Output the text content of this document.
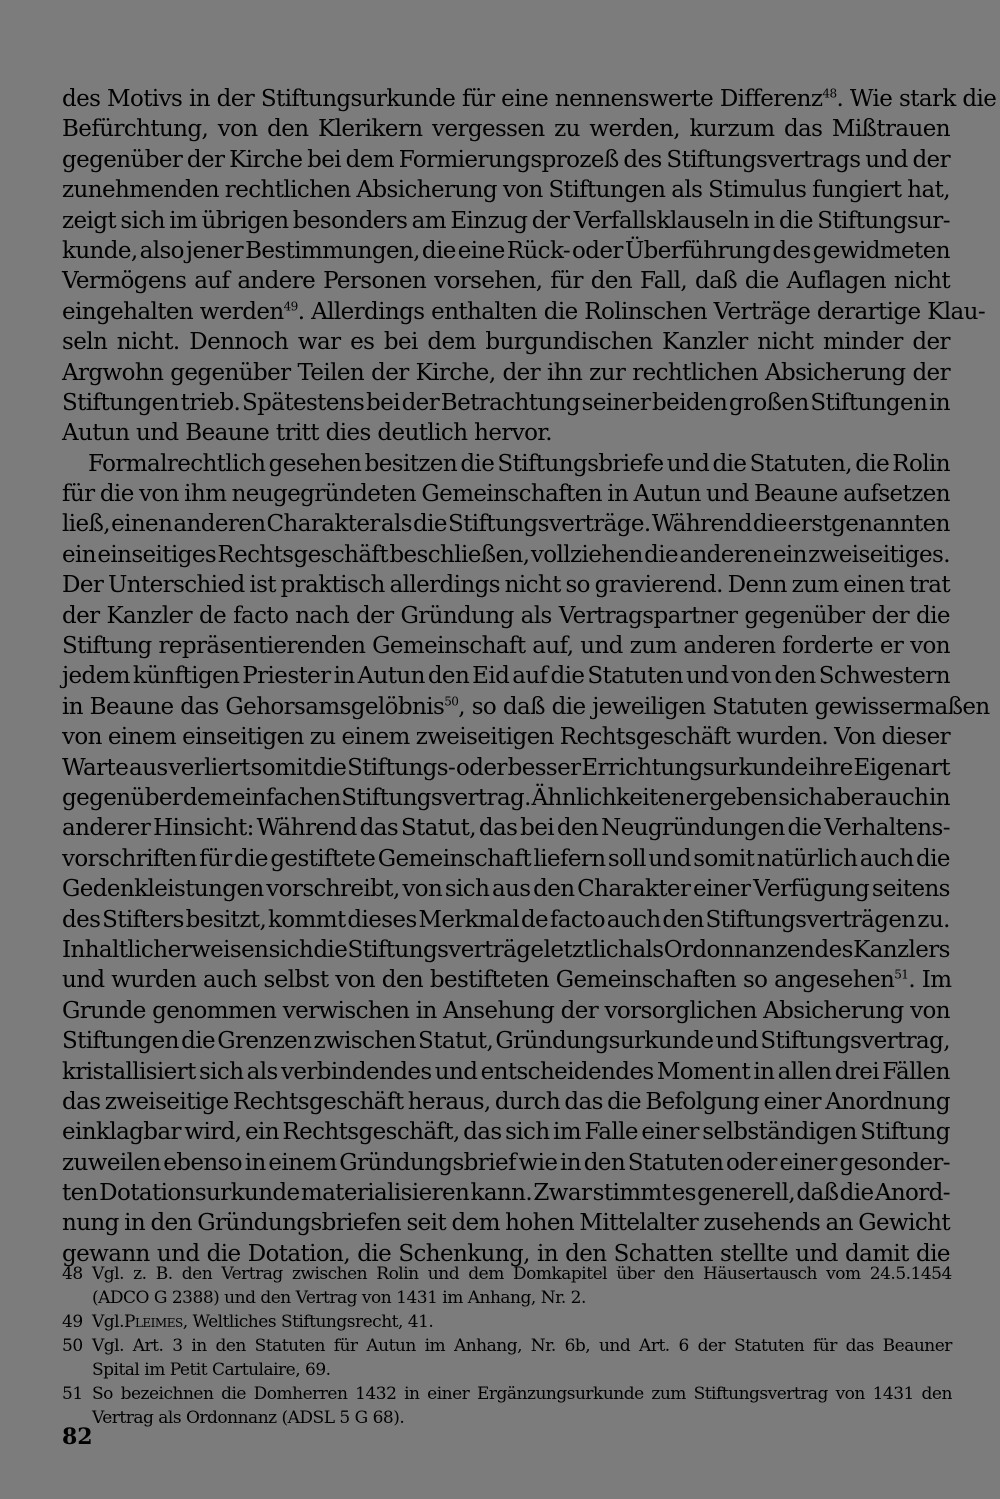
des Motivs in der Stiftungsurkunde für eine nennenswerte Differenz$^{48}$. Wie stark die
Befürchtung, von den Klerikern vergessen zu werden, kurzum das Mißtrauen
gegenüber der Kirche bei dem Formierungsprozeß des Stiftungsvertrags und der
zunehmenden rechtlichen Absicherung von Stiftungen als Stimulus fungiert hat,
zeigt sich im übrigen besonders am Einzug der Verfallsklauseln in die Stiftungsur-
kunde, also jener Bestimmungen, die eine Rück- oder Überführung des gewidmeten
Vermögens auf andere Personen vorsehen, für den Fall, daß die Auflagen nicht
eingehalten werden$^{49}$. Allerdings enthalten die Rolinschen Verträge derartige Klau-
seln nicht. Dennoch war es bei dem burgundischen Kanzler nicht minder der
Argwohn gegenüber Teilen der Kirche, der ihn zur rechtlichen Absicherung der
Stiftungen trieb. Spätestens bei der Betrachtung seiner beiden großen Stiftungen in
Autun und Beaune tritt dies deutlich hervor.
Formalrechtlich gesehen besitzen die Stiftungsbriefe und die Statuten, die Rolin
für die von ihm neugegründeten Gemeinschaften in Autun und Beaune aufsetzen
ließ, einen anderen Charakter als die Stiftungsverträge. Während die erstgenannten
ein einseitiges Rechtsgeschäft beschließen, vollziehen die anderen ein zweiseitiges.
Der Unterschied ist praktisch allerdings nicht so gravierend. Denn zum einen trat
der Kanzler de facto nach der Gründung als Vertragspartner gegenüber der die
Stiftung repräsentierenden Gemeinschaft auf, und zum anderen forderte er von
jedem künftigen Priester in Autun den Eid auf die Statuten und von den Schwestern
in Beaune das Gehorsamsgelöbnis$^{50}$, so daß die jeweiligen Statuten gewissermaßen
von einem einseitigen zu einem zweiseitigen Rechtsgeschäft wurden. Von dieser
Warte aus verliert somit die Stiftungs- oder besser Errichtungsurkunde ihre Eigenart
gegenüber dem einfachen Stiftungsvertrag. Ähnlichkeiten ergeben sich aber auch in
anderer Hinsicht: Während das Statut, das bei den Neugründungen die Verhaltens-
vorschriften für die gestiftete Gemeinschaft liefern soll und somit natürlich auch die
Gedenkleistungen vorschreibt, von sich aus den Charakter einer Verfügung seitens
des Stifters besitzt, kommt dieses Merkmal de facto auch den Stiftungsverträgen zu.
Inhaltlich erweisen sich die Stiftungsverträge letztlich als Ordonnanzen des Kanzlers
und wurden auch selbst von den bestifteten Gemeinschaften so angesehen$^{51}$. Im
Grunde genommen verwischen in Ansehung der vorsorglichen Absicherung von
Stiftungen die Grenzen zwischen Statut, Gründungsurkunde und Stiftungsvertrag,
kristallisiert sich als verbindendes und entscheidendes Moment in allen drei Fällen
das zweiseitige Rechtsgeschäft heraus, durch das die Befolgung einer Anordnung
einklagbar wird, ein Rechtsgeschäft, das sich im Falle einer selbständigen Stiftung
zuweilen ebenso in einem Gründungsbrief wie in den Statuten oder einer gesonder-
ten Dotationsurkunde materialisieren kann. Zwar stimmt es generell, daß die Anord-
nung in den Gründungsbriefen seit dem hohen Mittelalter zusehends an Gewicht
gewann und die Dotation, die Schenkung, in den Schatten stellte und damit die
48 Vgl. z. B. den Vertrag zwischen Rolin und dem Domkapitel über den Häusertausch vom 24.5.1454
(ADCO G 2388) und den Vertrag von 1431 im Anhang, Nr. 2.
49 Vgl. Pleimes , Weltliches Stiftungsrecht, 41.
50 Vgl. Art. 3 in den Statuten für Autun im Anhang, Nr. 6b, und Art. 6 der Statuten für das Beauner
Spital im Petit Cartulaire, 69.
51 So bezeichnen die Domherren 1432 in einer Ergänzungsurkunde zum Stiftungsvertrag von 1431 den
Vertrag als Ordonnanz (ADSL 5 G 68).
82
